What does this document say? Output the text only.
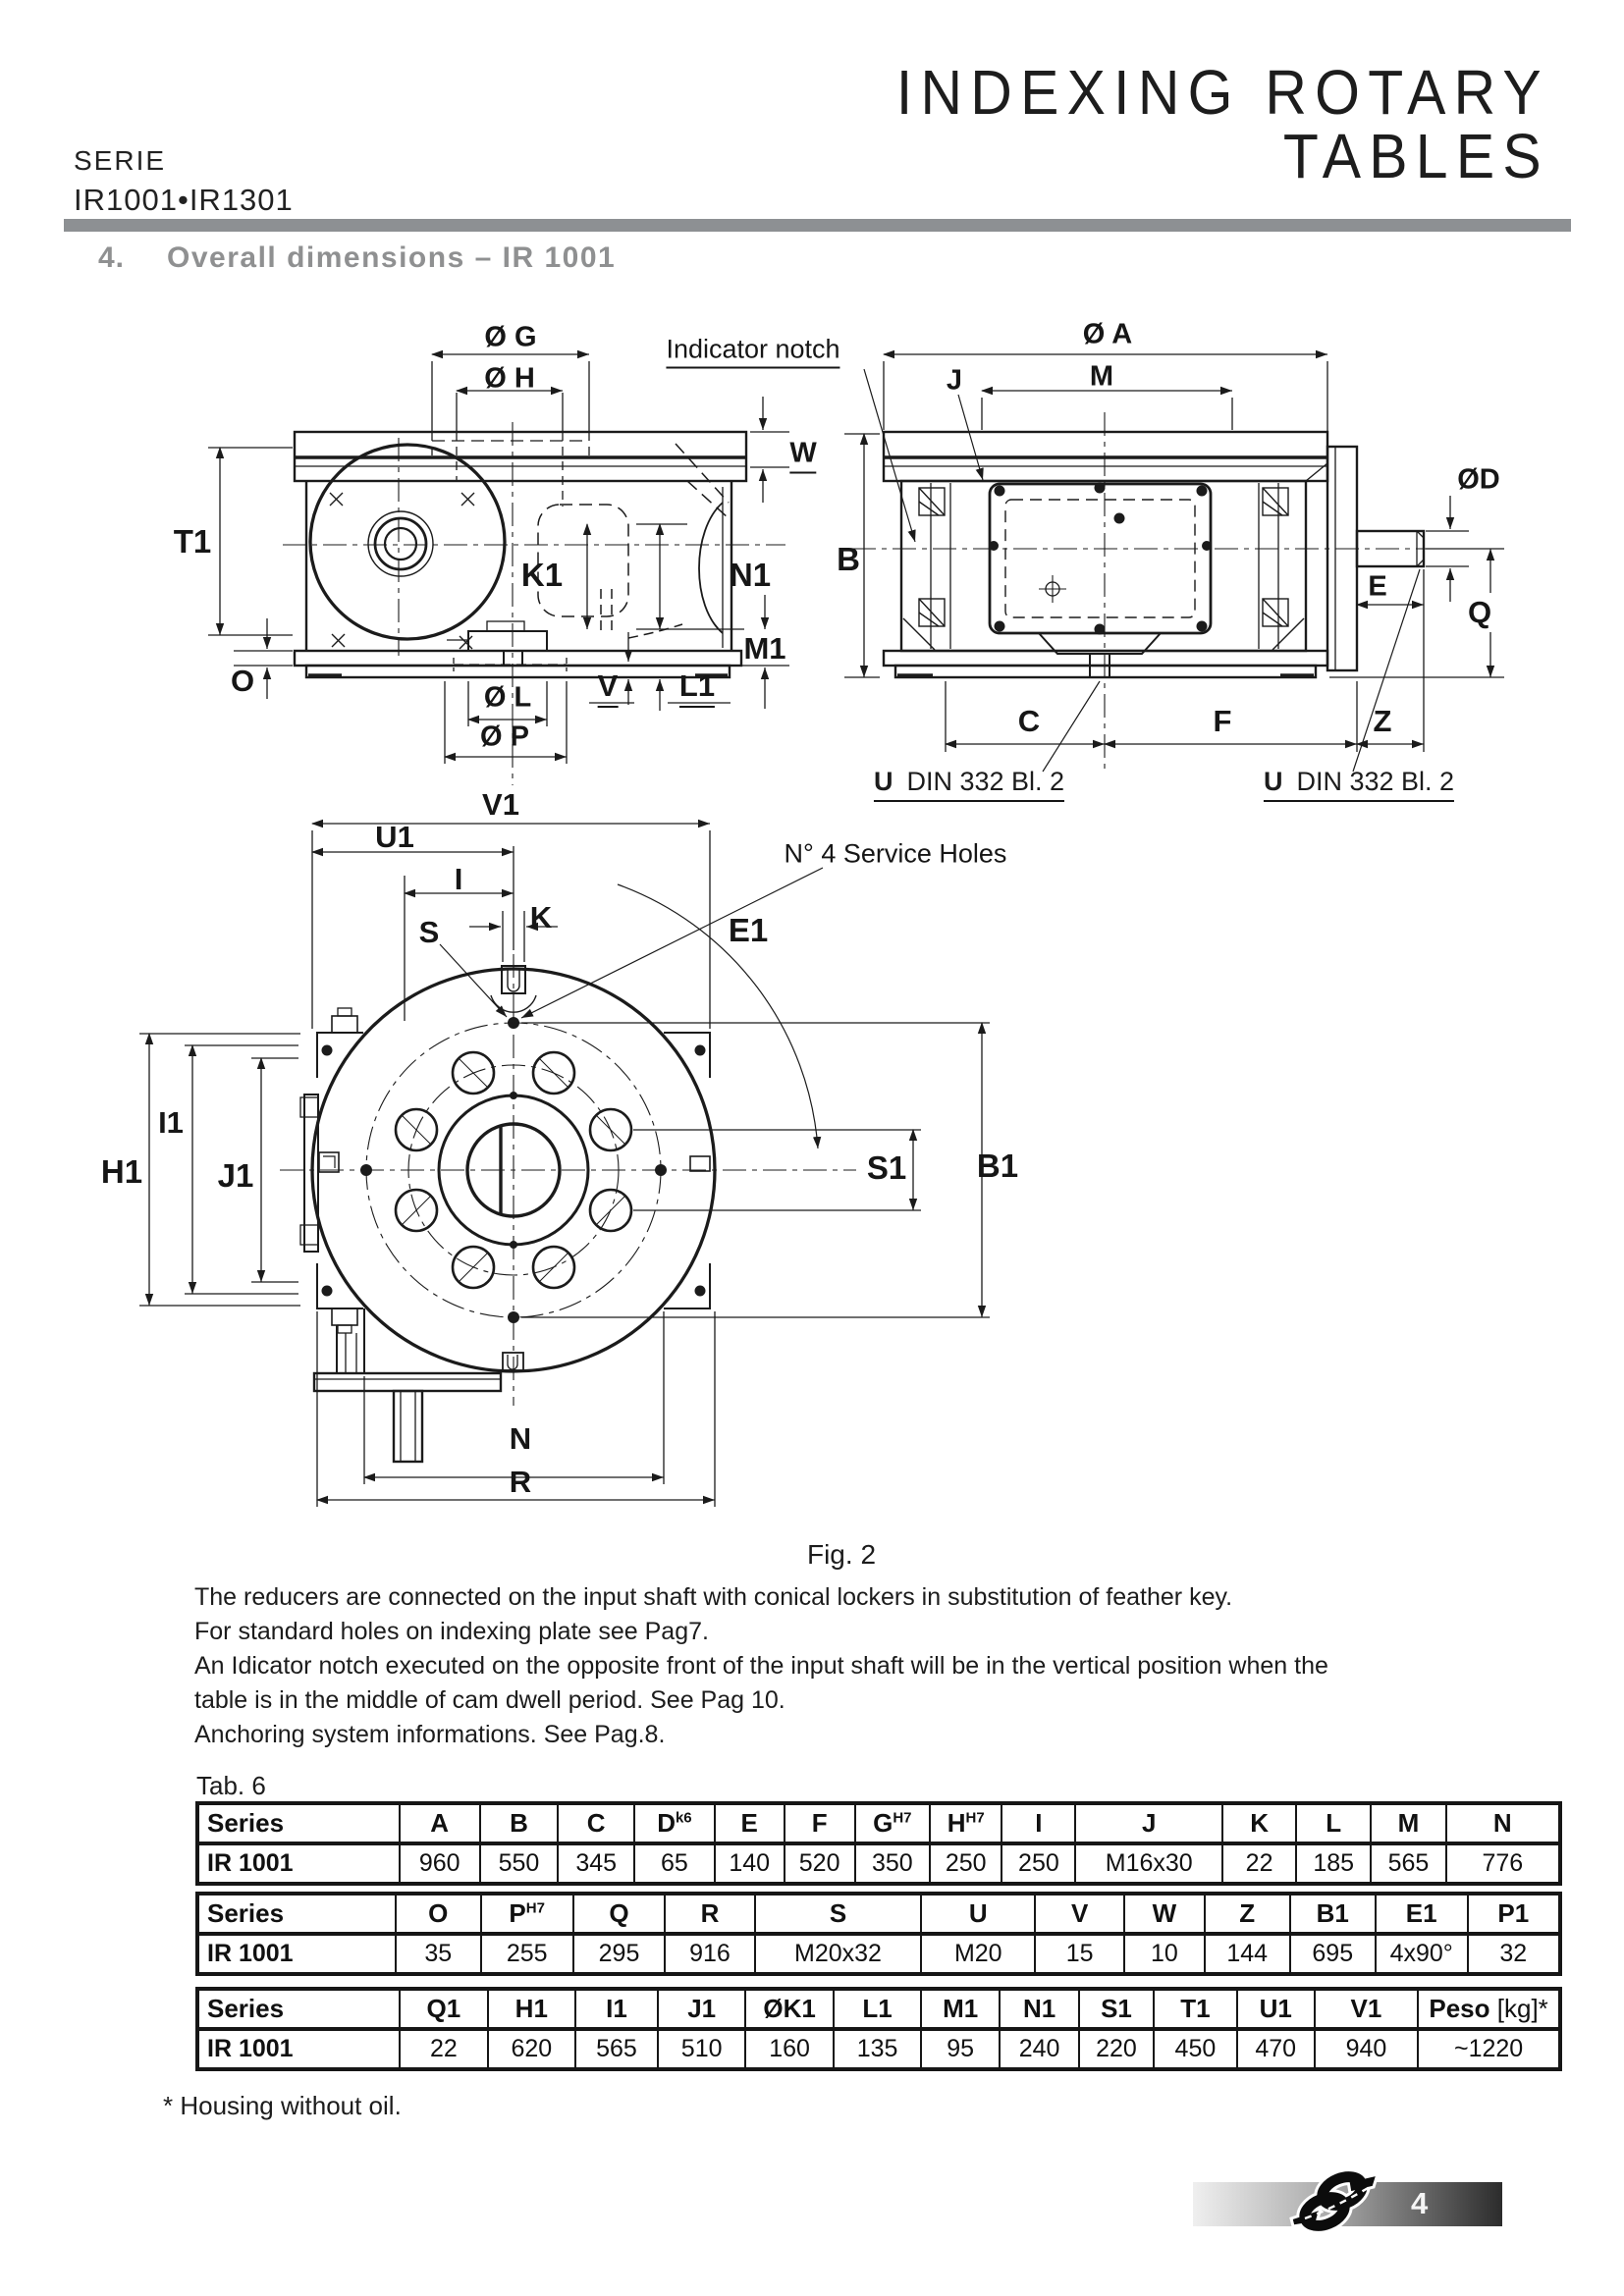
INDEXING ROTARY
TABLES
SERIE
IR1001•IR1301
4. Overall dimensions – IR 1001
Ø G
Ø H
Indicator notch
W
T1
K1	N1
M1
O	V L1
Ø L
Ø P
Ø A
M
J
B
ØD
E
Q
C	F	Z
V1
U1
I
K
S	E1
N° 4 Service Holes
I1
H1 J1	S1 B1
N
R
U DIN 332 Bl. 2	U DIN 332 Bl. 2
Fig. 2
The reducers are connected on the input shaft with conical lockers in substitution of feather key.
For standard holes on indexing plate see Pag7.
An Idicator notch executed on the opposite front of the input shaft will be in the vertical position when the
table is in the middle of cam dwell period. See Pag 10.
Anchoring system informations. See Pag.8.
Tab. 6
Series	A	B	C	$D^{k6}$	E	F	$G^{H7}$	$H^{H7}$	I	J	K	L	M	N
IR 1001	960	550	345	65	140	520	350	250	250	M16x30	22	185	565	776
Series	O	$P^{H7}$	Q	R	S	U	V	W	Z	B1	E1	P1
IR 1001	35	255	295	916	M20x32	M20	15	10	144	695	4x90°	32
Series	Q1	H1	I1	J1	ØK1	L1	M1	N1	S1	T1	U1	V1	Peso [kg]*
IR 1001	22	620	565	510	160	135	95	240	220	450	470	940	~1220
* Housing without oil.
4
